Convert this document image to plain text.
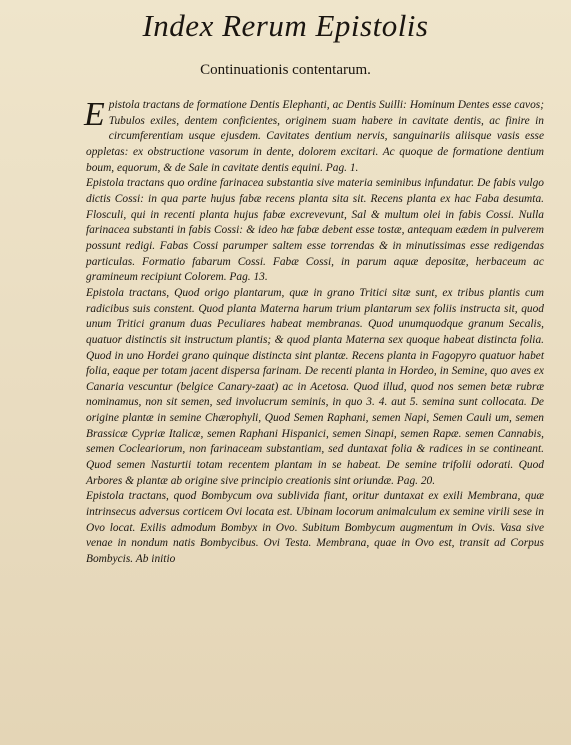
Index Rerum Epistolis
Continuationis contentarum.

Epistola tractans de formatione Dentis Elephanti, ac Dentis Suilli: Hominum Dentes esse cavos; Tubulos exiles, dentem conficientes, originem suam habere in cavitate dentis, ac finire in circumferentiam usque ejusdem. Cavitates dentium nervis, sanguinariis aliisque vasis esse oppletas: ex obstructione vasorum in dente, dolorem excitari. Ac quoque de formatione dentium boum, equorum, & de Sale in cavitate dentis equini. Pag. 1.

Epistola tractans quo ordine farinacea substantia sive materia seminibus infundatur. De fabis vulgo dictis Cossi: in qua parte hujus fabæ recens planta sita sit. Recens planta ex hac Faba desumta. Flosculi, qui in recenti planta hujus fabæ excrevevunt, Sal & multum olei in fabis Cossi. Nulla farinacea substanti in fabis Cossi: & ideo hæ fabæ debent esse tostæ, antequam eædem in pulverem possunt redigi. Fabas Cossi parumper saltem esse torrendas & in minutissimas esse redigendas particulas. Formatio fabarum Cossi. Fabæ Cossi, in parum aquæ depositæ, herbaceum ac gramineum recipiunt Colorem. Pag. 13.

Epistola tractans, Quod origo plantarum, quæ in grano Tritici sitæ sunt, ex tribus plantis cum radicibus suis constent. Quod planta Materna harum trium plantarum sex foliis instructa sit, quod unum Tritici granum duas Peculiares habeat membranas. Quod unumquodque granum Secalis, quatuor distinctis sit instructum plantis; & quod planta Materna sex quoque habeat distincta folia. Quod in uno Hordei grano quinque distincta sint plantæ. Recens planta in Fagopyro quatuor habet folia, eaque per totam jacent dispersa farinam. De recenti planta in Hordeo, in Semine, quo aves ex Canaria vescuntur (belgice Canary-zaat) ac in Acetosa. Quod illud, quod nos semen betæ rubræ nominamus, non sit semen, sed involucrum seminis, in quo 3. 4. aut 5. semina sunt collocata. De origine plantæ in semine Chærophyli, Quod Semen Raphani, semen Napi, Semen Cauli um, semen Brassicæ Cypriæ Italicæ, semen Raphani Hispanici, semen Sinapi, semen Rapæ. semen Cannabis, semen Cocleariorum, non farinaceam substantiam, sed duntaxat folia & radices in se contineant. Quod semen Nasturtii totam recentem plantam in se habeat. De semine trifolii odorati. Quod Arbores & plantæ ab origine sive principio creationis sint oriundæ. Pag. 20.

Epistola tractans, quod Bombycum ova sublivida fiant, oritur duntaxat ex exili Membrana, quæ intrinsecus adversus corticem Ovi locata est. Ubinam locorum animalculum ex semine virili sese in Ovo locat. Exilis admodum Bombyx in Ovo. Subitum Bombycum augmentum in Ovis. Vasa sive venae in nondum natis Bombycibus. Ovi Testa. Membrana, quae in Ovo est, transit ad Corpus Bombycis. Ab initio
